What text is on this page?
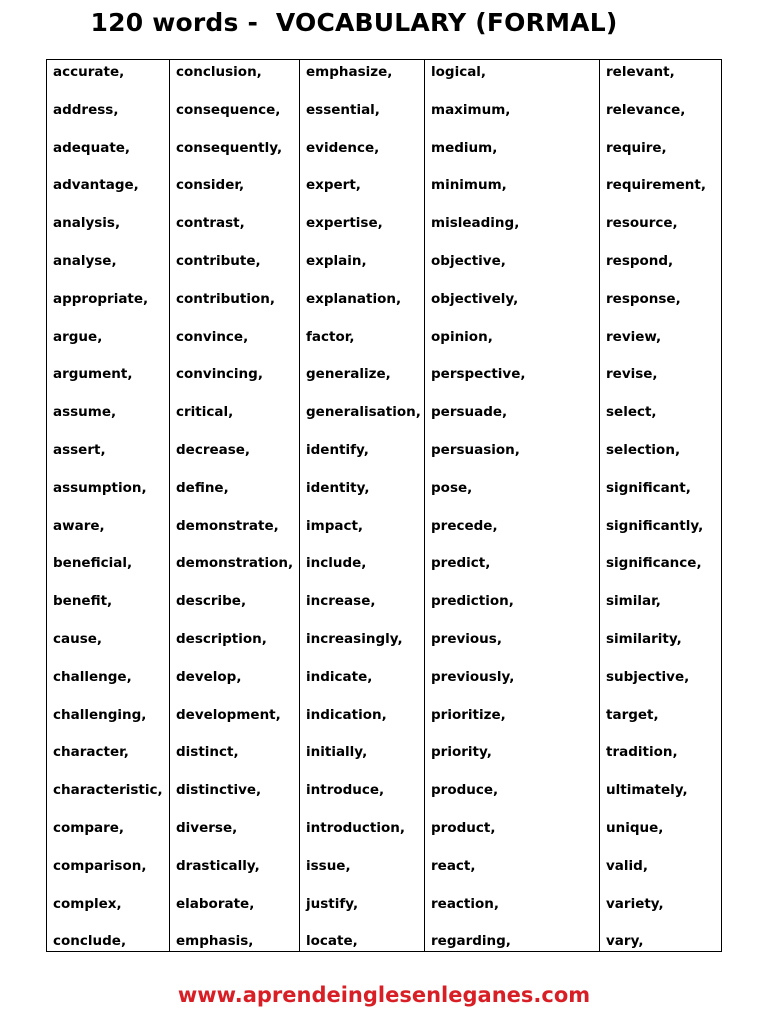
120 words -  VOCABULARY (FORMAL)
accurate,
address,
adequate,
advantage,
analysis,
analyse,
appropriate,
argue,
argument,
assume,
assert,
assumption,
aware,
beneficial,
benefit,
cause,
challenge,
challenging,
character,
characteristic,
compare,
comparison,
complex,
conclude,
conclusion,
consequence,
consequently,
consider,
contrast,
contribute,
contribution,
convince,
convincing,
critical,
decrease,
define,
demonstrate,
demonstration,
describe,
description,
develop,
development,
distinct,
distinctive,
diverse,
drastically,
elaborate,
emphasis,
emphasize,
essential,
evidence,
expert,
expertise,
explain,
explanation,
factor,
generalize,
generalisation,
identify,
identity,
impact,
include,
increase,
increasingly,
indicate,
indication,
initially,
introduce,
introduction,
issue,
justify,
locate,
logical,
maximum,
medium,
minimum,
misleading,
objective,
objectively,
opinion,
perspective,
persuade,
persuasion,
pose,
precede,
predict,
prediction,
previous,
previously,
prioritize,
priority,
produce,
product,
react,
reaction,
regarding,
relevant,
relevance,
require,
requirement,
resource,
respond,
response,
review,
revise,
select,
selection,
significant,
significantly,
significance,
similar,
similarity,
subjective,
target,
tradition,
ultimately,
unique,
valid,
variety,
vary,
www.aprendeinglesenleganes.com
